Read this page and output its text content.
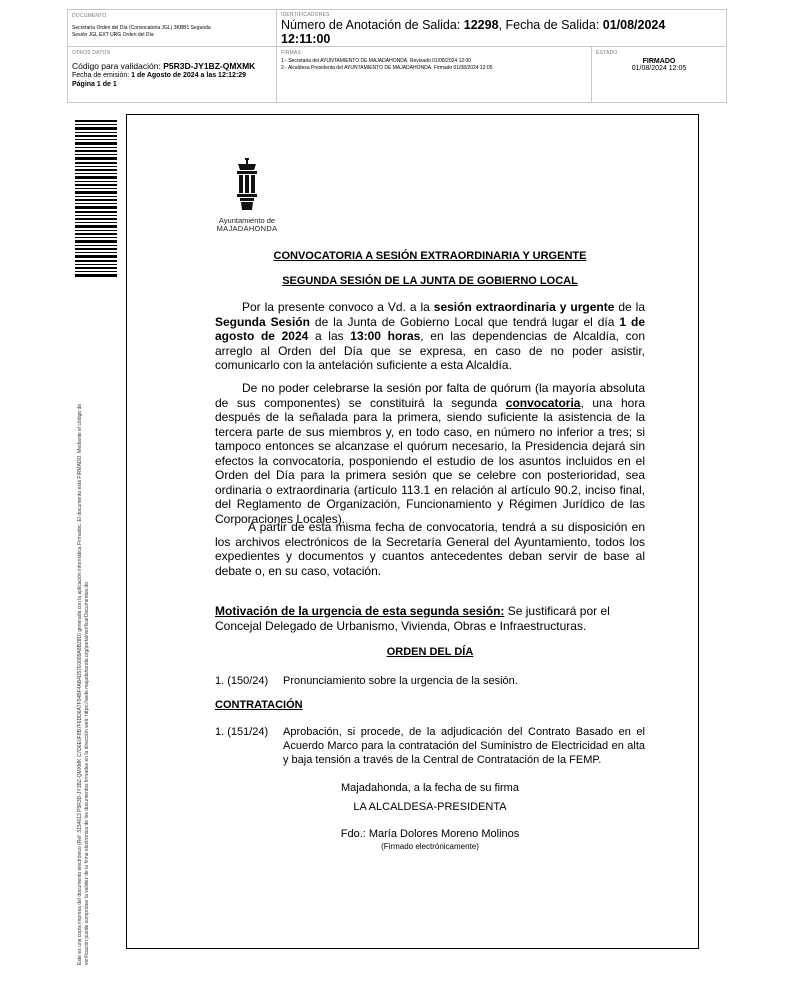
DOCUMENTO
Secretaría Orden del Día (Convocatoria JGL) 3KBB1 Segunda
Sesión JGL EXT URG Orden del Día
IDENTIFICADORES
Número de Anotación de Salida: 12298, Fecha de Salida: 01/08/2024
12:11:00
OTROS DATOS
Código para validación: P5R3D-JY1BZ-QMXMK
Fecha de emisión: 1 de Agosto de 2024 a las 12:12:29
Página 1 de 1
FIRMAS
1.- Secretaria del AYUNTAMIENTO DE MAJADAHONDA. Revisado 01/08/2024 12:00
2.- Alcaldesa Presidenta del AYUNTAMIENTO DE MAJADAHONDA. Firmado 01/08/2024 12:05
ESTADO
FIRMADO
01/08/2024 12:05
Este es una copia impresa del documento electrónico (Ref: 3154613 P5R3D-JY1BZ-QMXMK C7D6E0F8B7F6DD6A7F54BF4AB4D57E0689A8B28D) generada con la aplicación informática Firmadoc. El documento está FIRMADO. Mediante el código de verificación puede comprobar la validez de la firma electrónica de los documentos firmados en la dirección web: https://sede.majadahonda.org/portal/verificarDocumentos.do
Ayuntamiento de
MAJADAHONDA
CONVOCATORIA A SESIÓN EXTRAORDINARIA Y URGENTE
SEGUNDA SESIÓN DE LA JUNTA DE GOBIERNO LOCAL
Por la presente convoco a Vd. a la sesión extraordinaria y urgente de la Segunda Sesión de la Junta de Gobierno Local que tendrá lugar el día 1 de agosto de 2024 a las 13:00 horas, en las dependencias de Alcaldía, con arreglo al Orden del Día que se expresa, en caso de no poder asistir, comunicarlo con la antelación suficiente a esta Alcaldía.
De no poder celebrarse la sesión por falta de quórum (la mayoría absoluta de sus componentes) se constituirá la segunda convocatoria, una hora después de la señalada para la primera, siendo suficiente la asistencia de la tercera parte de sus miembros y, en todo caso, en número no inferior a tres; si tampoco entonces se alcanzase el quórum necesario, la Presidencia dejará sin efectos la convocatoria, posponiendo el estudio de los asuntos incluidos en el Orden del Día para la primera sesión que se celebre con posterioridad, sea ordinaria o extraordinaria (artículo 113.1 en relación al artículo 90.2, inciso final, del Reglamento de Organización, Funcionamiento y Régimen Jurídico de las Corporaciones Locales).
A partir de esta misma fecha de convocatoria, tendrá a su disposición en los archivos electrónicos de la Secretaría General del Ayuntamiento, todos los expedientes y documentos y cuantos antecedentes deban servir de base al debate o, en su caso, votación.
Motivación de la urgencia de esta segunda sesión: Se justificará por el Concejal Delegado de Urbanismo, Vivienda, Obras e Infraestructuras.
ORDEN DEL DÍA
1. (150/24) Pronunciamiento sobre la urgencia de la sesión.
CONTRATACIÓN
1. (151/24) Aprobación, si procede, de la adjudicación del Contrato Basado en el Acuerdo Marco para la contratación del Suministro de Electricidad en alta y baja tensión a través de la Central de Contratación de la FEMP.
Majadahonda, a la fecha de su firma
LA ALCALDESA-PRESIDENTA
Fdo.: María Dolores Moreno Molinos
(Firmado electrónicamente)
